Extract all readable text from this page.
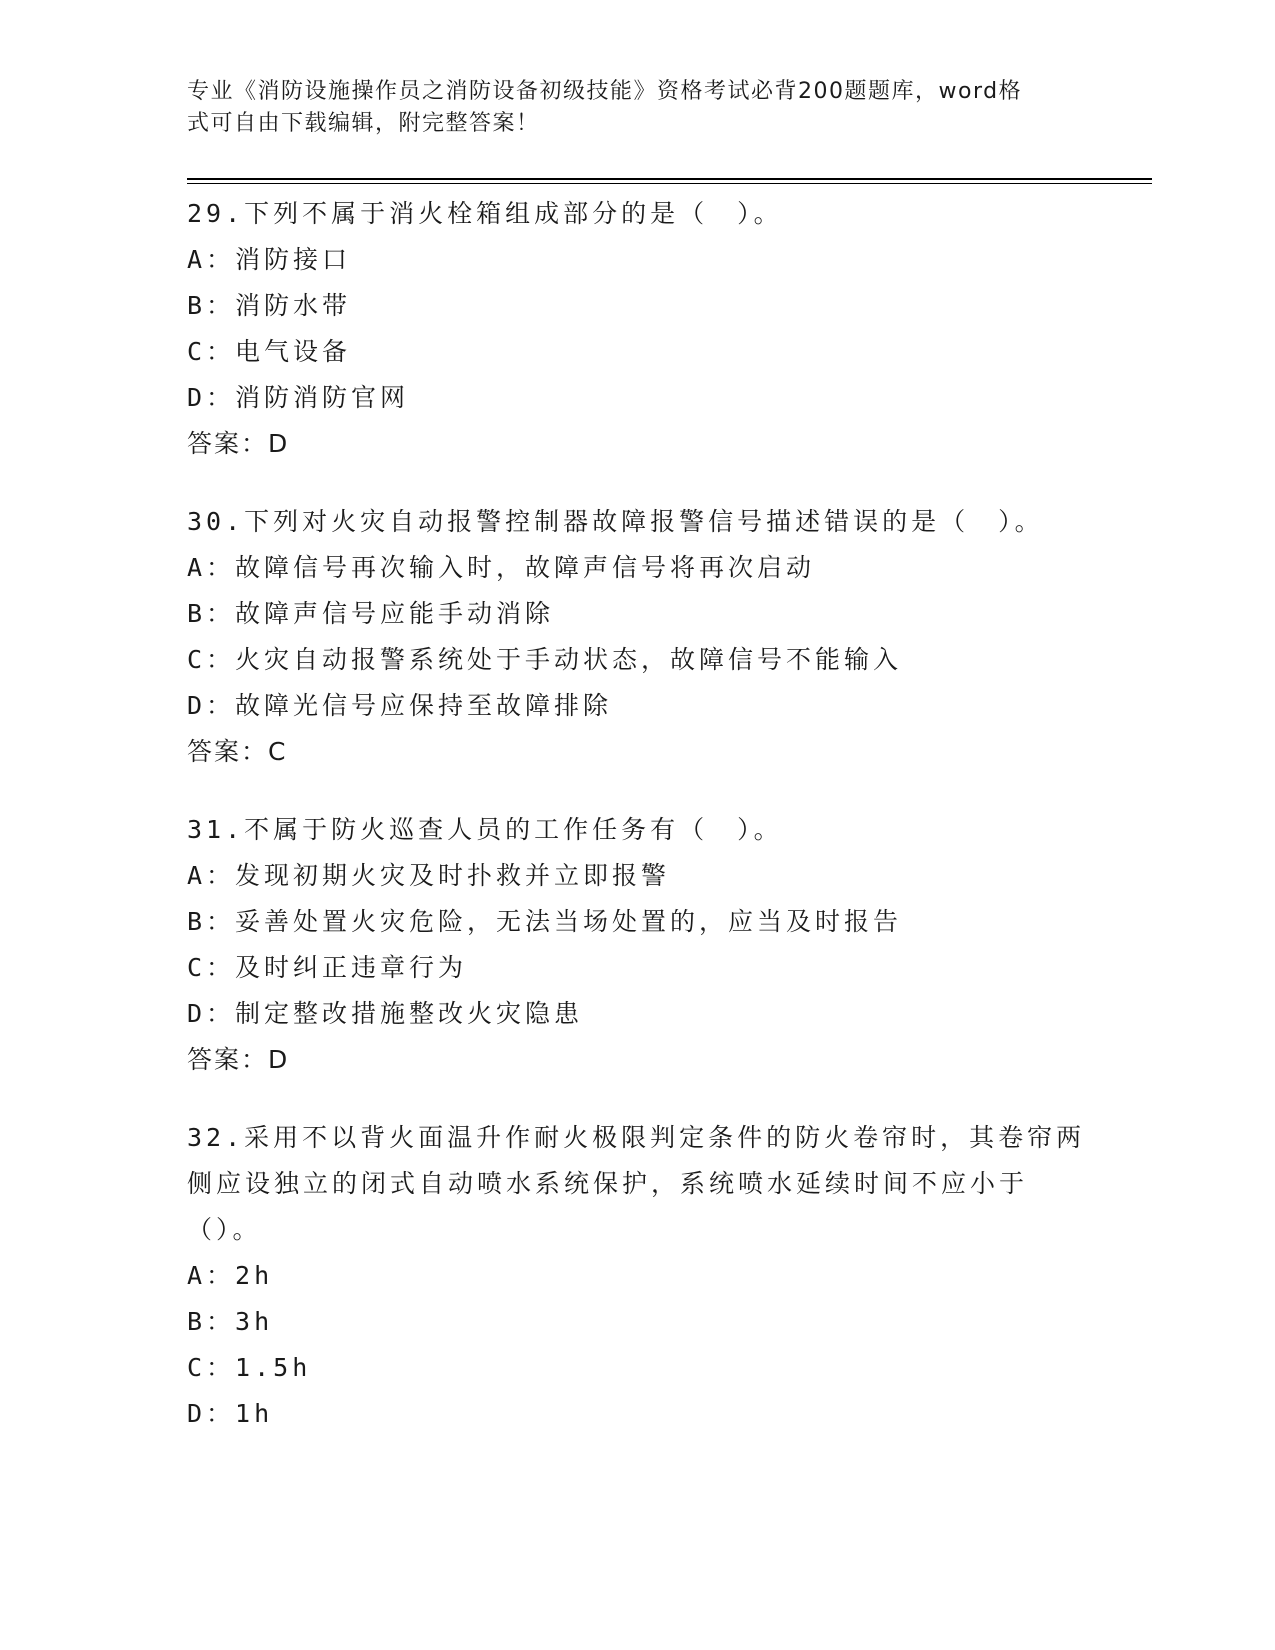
专业《消防设施操作员之消防设备初级技能》资格考试必背200题题库，word格
式可自由下载编辑，附完整答案！
29.下列不属于消火栓箱组成部分的是（　）。
A：消防接口
B：消防水带
C：电气设备
D：消防消防官网
答案：D
30.下列对火灾自动报警控制器故障报警信号描述错误的是（　）。
A：故障信号再次输入时，故障声信号将再次启动
B：故障声信号应能手动消除
C：火灾自动报警系统处于手动状态，故障信号不能输入
D：故障光信号应保持至故障排除
答案：C
31.不属于防火巡查人员的工作任务有（　）。
A：发现初期火灾及时扑救并立即报警
B：妥善处置火灾危险，无法当场处置的，应当及时报告
C：及时纠正违章行为
D：制定整改措施整改火灾隐患
答案：D
32.采用不以背火面温升作耐火极限判定条件的防火卷帘时，其卷帘两侧应设独立的闭式自动喷水系统保护，系统喷水延续时间不应小于（）。
A：2h
B：3h
C：1.5h
D：1h
